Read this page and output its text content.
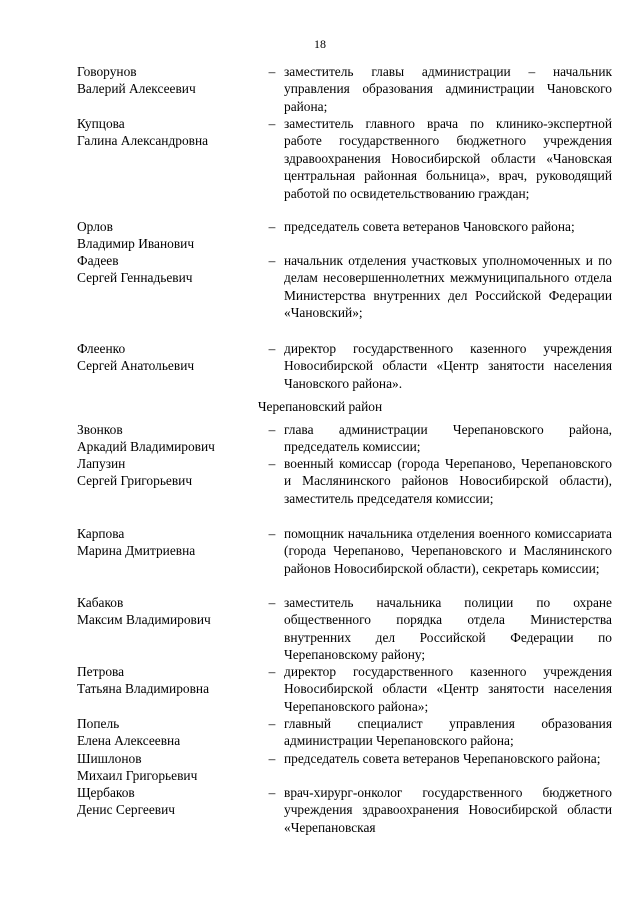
18
Говорунов
Валерий Алексеевич
– заместитель главы администрации – начальник управления образования администрации Чановского района;
Купцова
Галина Александровна
– заместитель главного врача по клинико-экспертной работе государственного бюджетного учреждения здравоохранения Новосибирской области «Чановская центральная районная больница», врач, руководящий работой по освидетельствованию граждан;
Орлов
Владимир Иванович
– председатель совета ветеранов Чановского района;
Фадеев
Сергей Геннадьевич
– начальник отделения участковых уполномоченных и по делам несовершеннолетних межмуниципального отдела Министерства внутренних дел Российской Федерации «Чановский»;
Флеенко
Сергей Анатольевич
– директор государственного казенного учреждения Новосибирской области «Центр занятости населения Чановского района».
Черепановский район
Звонков
Аркадий Владимирович
– глава администрации Черепановского района, председатель комиссии;
Лапузин
Сергей Григорьевич
– военный комиссар (города Черепаново, Черепановского и Маслянинского районов Новосибирской области), заместитель председателя комиссии;
Карпова
Марина Дмитриевна
– помощник начальника отделения военного комиссариата (города Черепаново, Черепановского и Маслянинского районов Новосибирской области), секретарь комиссии;
Кабаков
Максим Владимирович
– заместитель начальника полиции по охране общественного порядка отдела Министерства внутренних дел Российской Федерации по Черепановскому району;
Петрова
Татьяна Владимировна
– директор государственного казенного учреждения Новосибирской области «Центр занятости населения Черепановского района»;
Попель
Елена Алексеевна
– главный специалист управления образования администрации Черепановского района;
Шишлонов
Михаил Григорьевич
– председатель совета ветеранов Черепановского района;
Щербаков
Денис Сергеевич
– врач-хирург-онколог государственного бюджетного учреждения здравоохранения Новосибирской области «Черепановская
